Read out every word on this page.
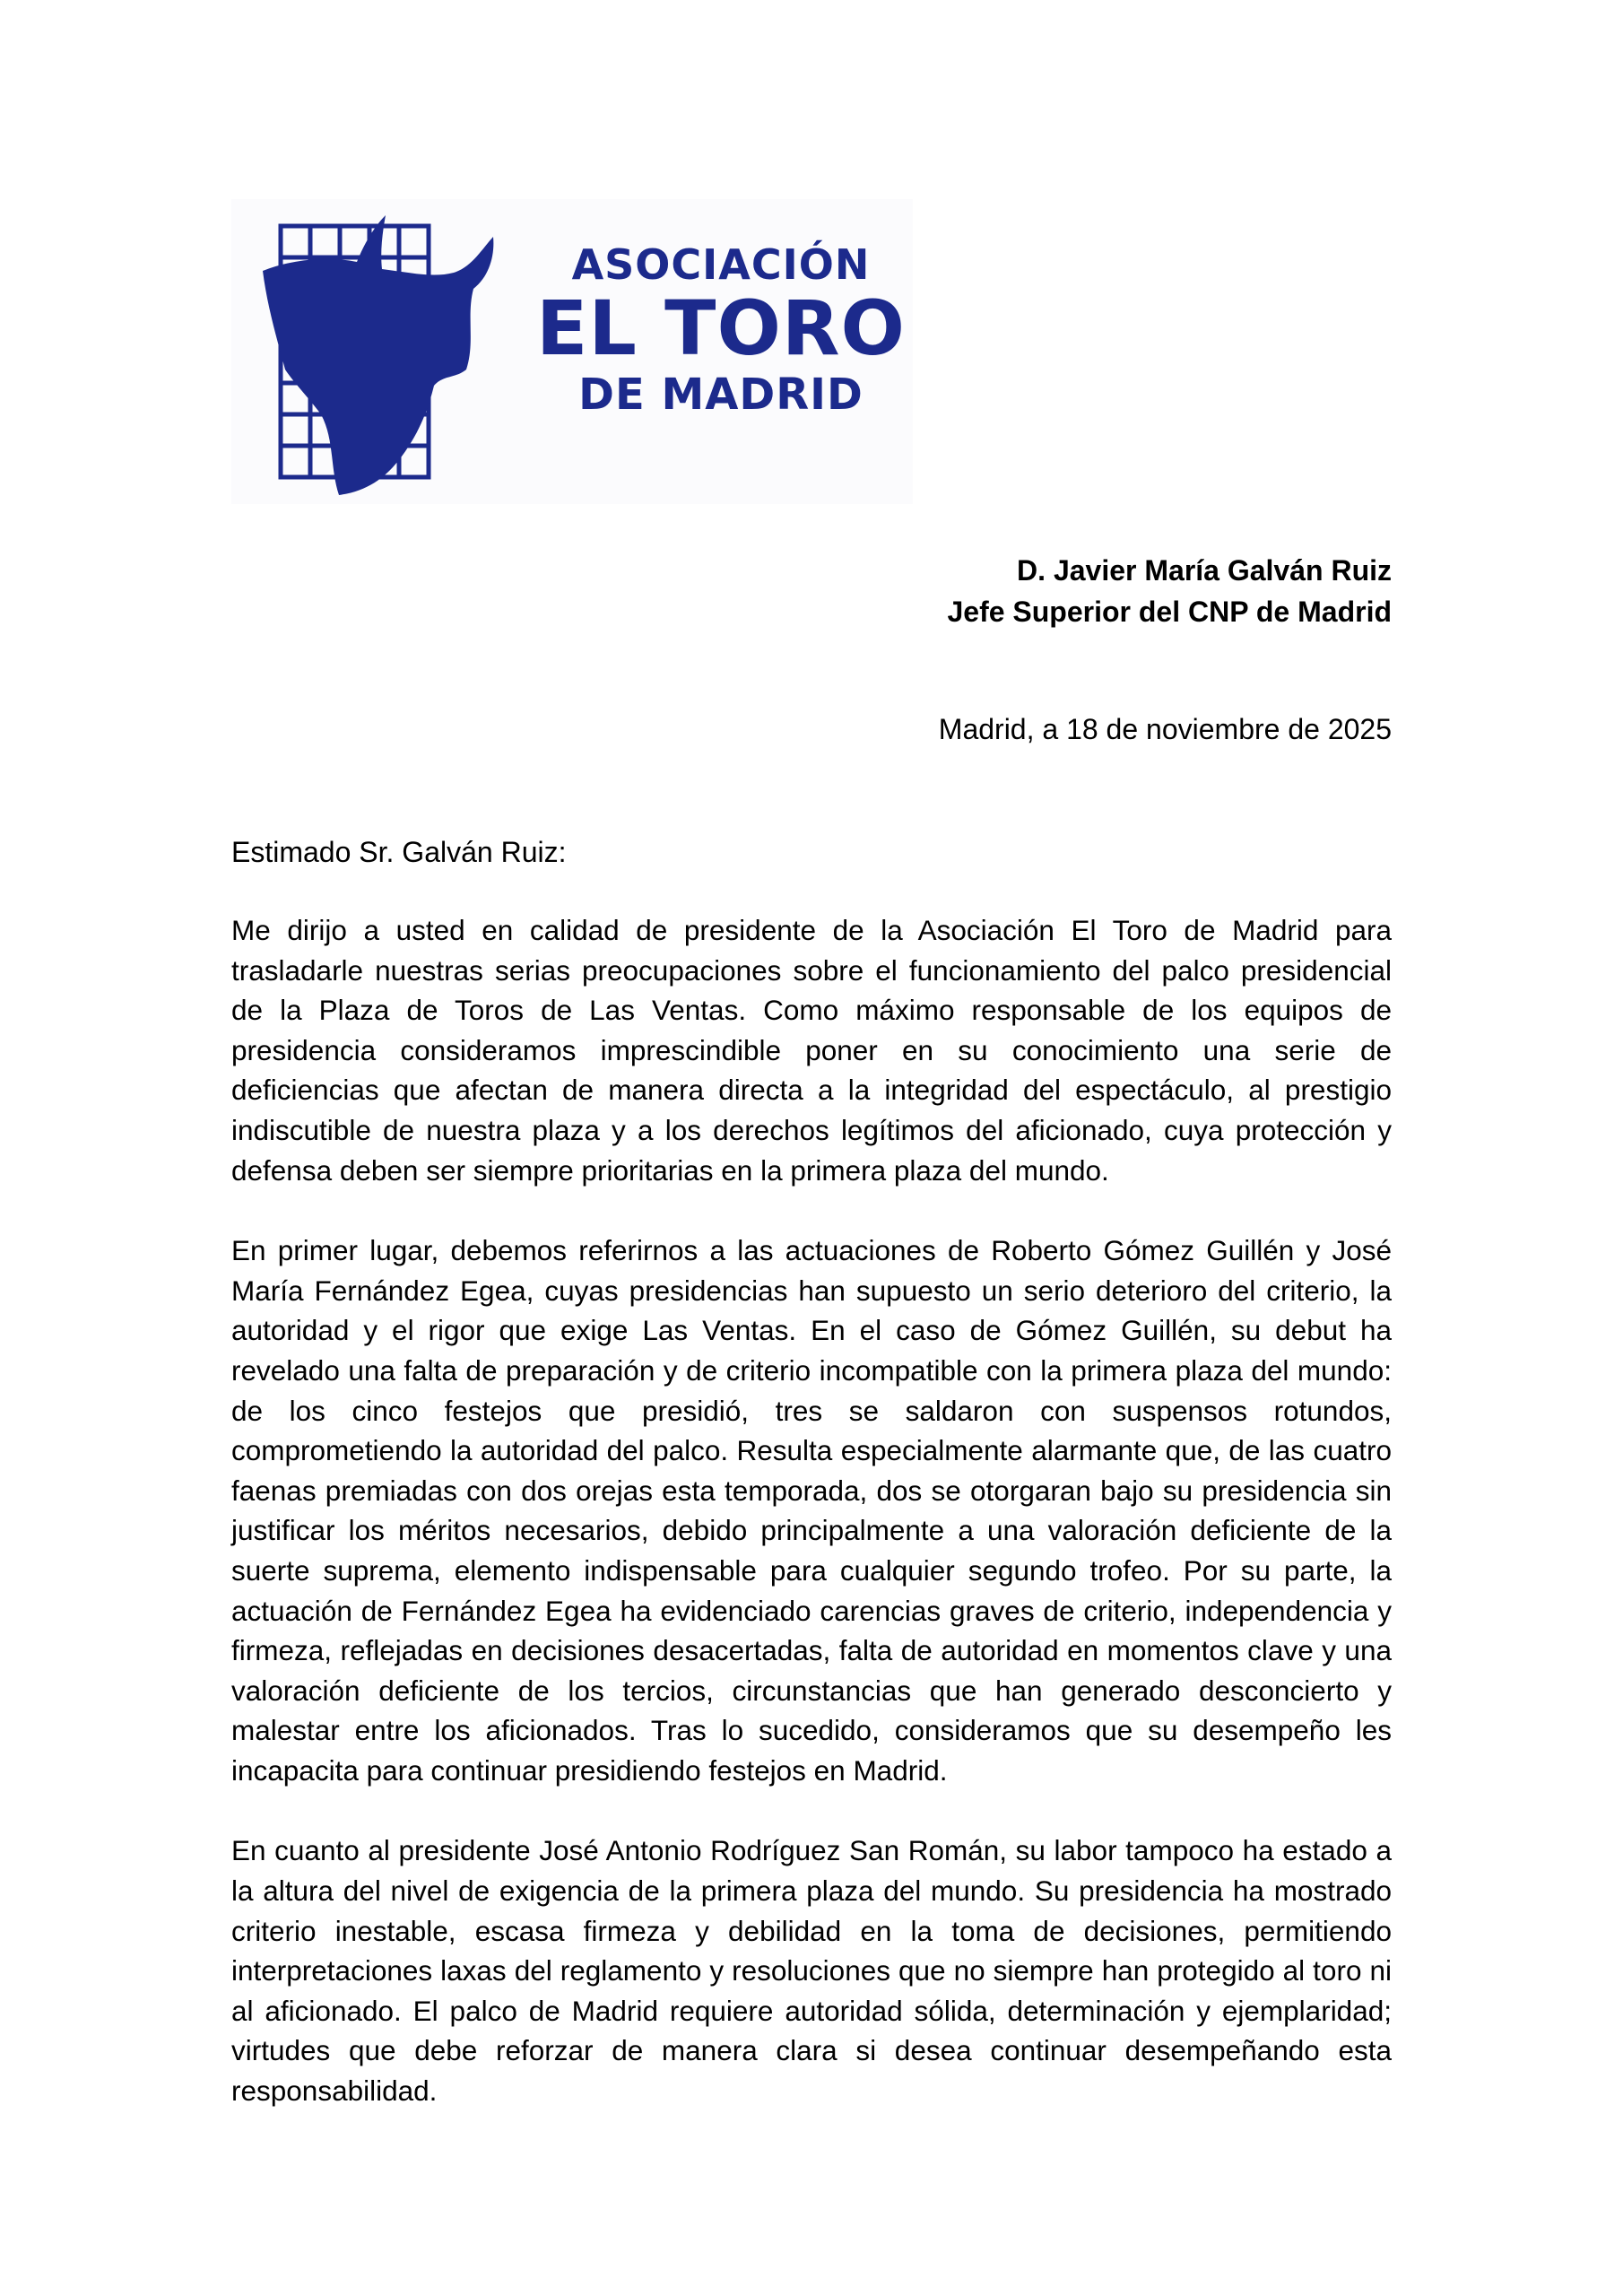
ASOCIACIÓN
EL TORO
DE MADRID
D. Javier María Galván Ruiz
Jefe Superior del CNP de Madrid
Madrid, a 18 de noviembre de 2025
Estimado Sr. Galván Ruiz:

Me dirijo a usted en calidad de presidente de la Asociación El Toro de Madrid para trasladarle nuestras serias preocupaciones sobre el funcionamiento del palco presidencial de la Plaza de Toros de Las Ventas. Como máximo responsable de los equipos de presidencia consideramos imprescindible poner en su conocimiento una serie de deficiencias que afectan de manera directa a la integridad del espectáculo, al prestigio indiscutible de nuestra plaza y a los derechos legítimos del aficionado, cuya protección y defensa deben ser siempre prioritarias en la primera plaza del mundo.

En primer lugar, debemos referirnos a las actuaciones de Roberto Gómez Guillén y José María Fernández Egea, cuyas presidencias han supuesto un serio deterioro del criterio, la autoridad y el rigor que exige Las Ventas. En el caso de Gómez Guillén, su debut ha revelado una falta de preparación y de criterio incompatible con la primera plaza del mundo: de los cinco festejos que presidió, tres se saldaron con suspensos rotundos, comprometiendo la autoridad del palco. Resulta especialmente alarmante que, de las cuatro faenas premiadas con dos orejas esta temporada, dos se otorgaran bajo su presidencia sin justificar los méritos necesarios, debido principalmente a una valoración deficiente de la suerte suprema, elemento indispensable para cualquier segundo trofeo. Por su parte, la actuación de Fernández Egea ha evidenciado carencias graves de criterio, independencia y firmeza, reflejadas en decisiones desacertadas, falta de autoridad en momentos clave y una valoración deficiente de los tercios, circunstancias que han generado desconcierto y malestar entre los aficionados. Tras lo sucedido, consideramos que su desempeño les incapacita para continuar presidiendo festejos en Madrid.

En cuanto al presidente José Antonio Rodríguez San Román, su labor tampoco ha estado a la altura del nivel de exigencia de la primera plaza del mundo. Su presidencia ha mostrado criterio inestable, escasa firmeza y debilidad en la toma de decisiones, permitiendo interpretaciones laxas del reglamento y resoluciones que no siempre han protegido al toro ni al aficionado. El palco de Madrid requiere autoridad sólida, determinación y ejemplaridad; virtudes que debe reforzar de manera clara si desea continuar desempeñando esta responsabilidad.
